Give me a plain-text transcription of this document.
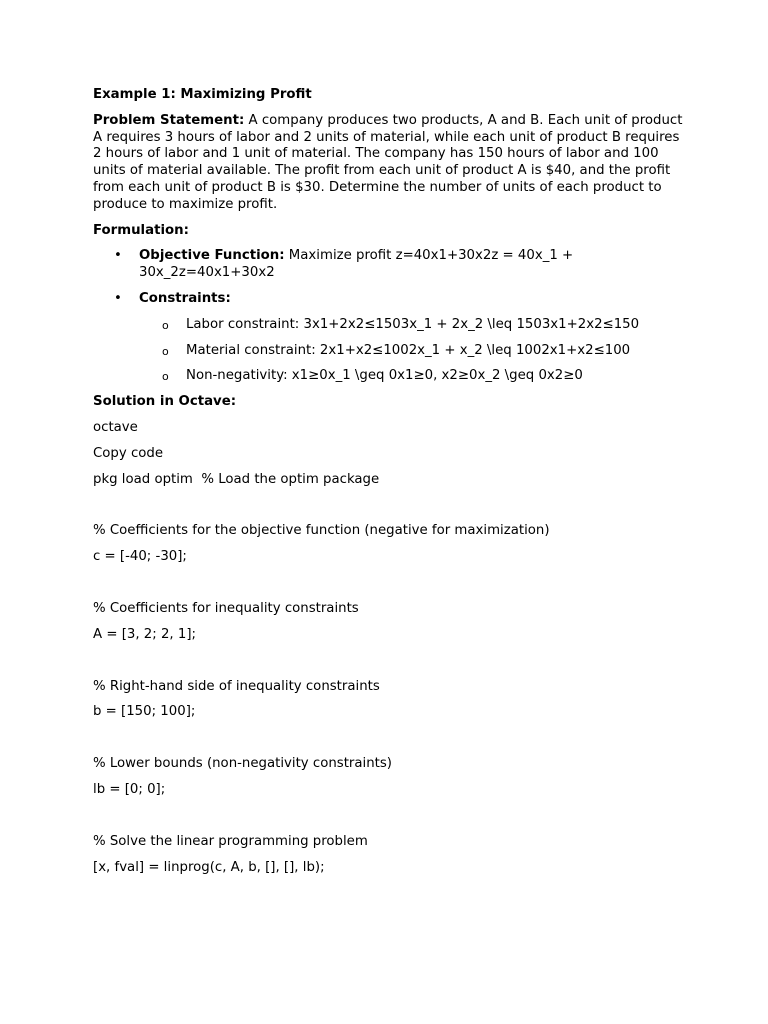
Example 1: Maximizing Profit

Problem Statement: A company produces two products, A and B. Each unit of product A requires 3 hours of labor and 2 units of material, while each unit of product B requires 2 hours of labor and 1 unit of material. The company has 150 hours of labor and 100 units of material available. The profit from each unit of product A is $40, and the profit from each unit of product B is $30. Determine the number of units of each product to produce to maximize profit.

Formulation:

• Objective Function: Maximize profit z=40x1+30x2z = 40x_1 + 30x_2z=40x1+30x2
• Constraints:
o Labor constraint: 3x1+2x2≤1503x_1 + 2x_2 \leq 1503x1+2x2≤150
o Material constraint: 2x1+x2≤1002x_1 + x_2 \leq 1002x1+x2≤100
o Non-negativity: x1≥0x_1 \geq 0x1≥0, x2≥0x_2 \geq 0x2≥0

Solution in Octave:

octave

Copy code

pkg load optim  % Load the optim package

% Coefficients for the objective function (negative for maximization)

c = [-40; -30];

% Coefficients for inequality constraints

A = [3, 2; 2, 1];

% Right-hand side of inequality constraints

b = [150; 100];

% Lower bounds (non-negativity constraints)

lb = [0; 0];

% Solve the linear programming problem

[x, fval] = linprog(c, A, b, [], [], lb);
